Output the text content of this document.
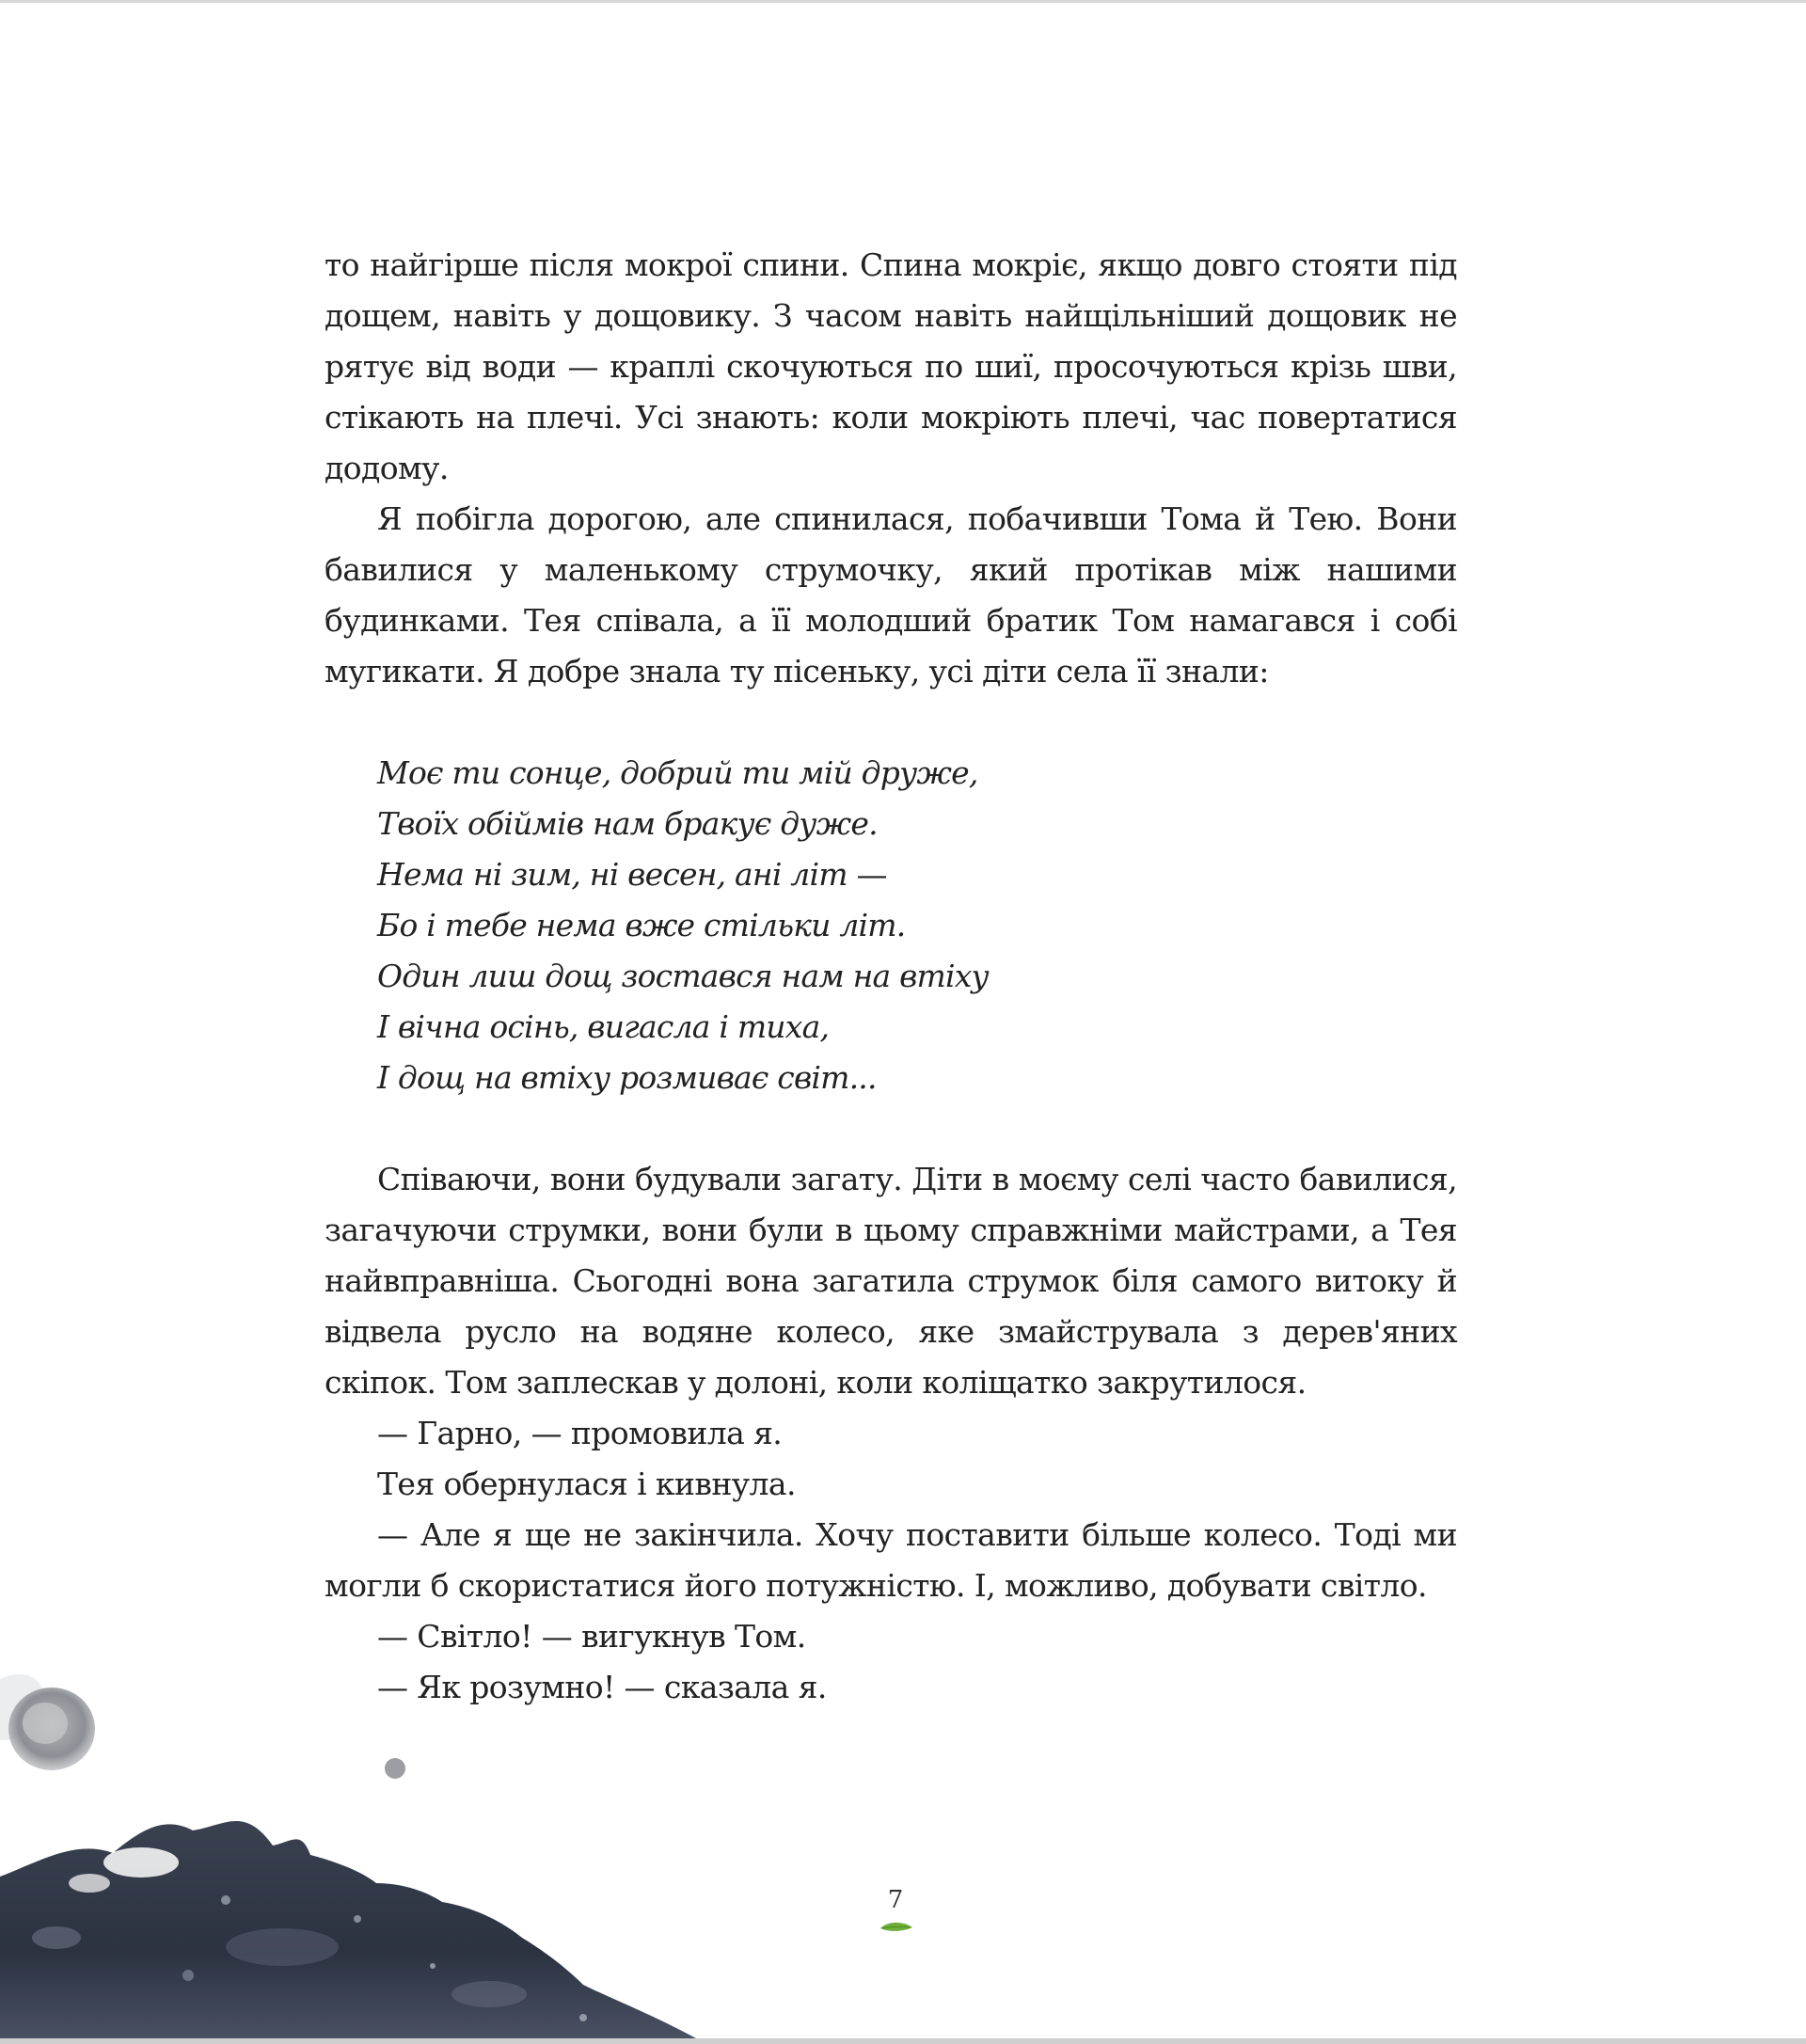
то найгірше після мокрої спини. Спина мокріє, якщо довго стояти під дощем, навіть у дощовику. З часом навіть найщільніший дощовик не рятує від води — краплі скочуються по шиї, просочуються крізь шви, стікають на плечі. Усі знають: коли мокріють плечі, час повертатися додому.

Я побігла дорогою, але спинилася, побачивши Тома й Тею. Вони бавилися у маленькому струмочку, який протікав між нашими будинками. Тея співала, а її молодший братик Том намагався і собі мугикати. Я добре знала ту пісеньку, усі діти села її знали:

Моє ти сонце, добрий ти мій друже,
Твоїх обіймів нам бракує дуже.
Нема ні зим, ні весен, ані літ —
Бо і тебе нема вже стільки літ.
Один лиш дощ зостався нам на втіху
І вічна осінь, вигасла і тиха,
І дощ на втіху розмиває світ...

Співаючи, вони будували загату. Діти в моєму селі часто бавилися, загачуючи струмки, вони були в цьому справжніми майстрами, а Тея найвправніша. Сьогодні вона загатила струмок біля самого витоку й відвела русло на водяне колесо, яке змайструвала з дерев'яних скіпок. Том заплескав у долоні, коли коліщатко закрутилося.

— Гарно, — промовила я.

Тея обернулася і кивнула.

— Але я ще не закінчила. Хочу поставити більше колесо. Тоді ми могли б скористатися його потужністю. І, можливо, добувати світло.

— Світло! — вигукнув Том.

— Як розумно! — сказала я.

7
